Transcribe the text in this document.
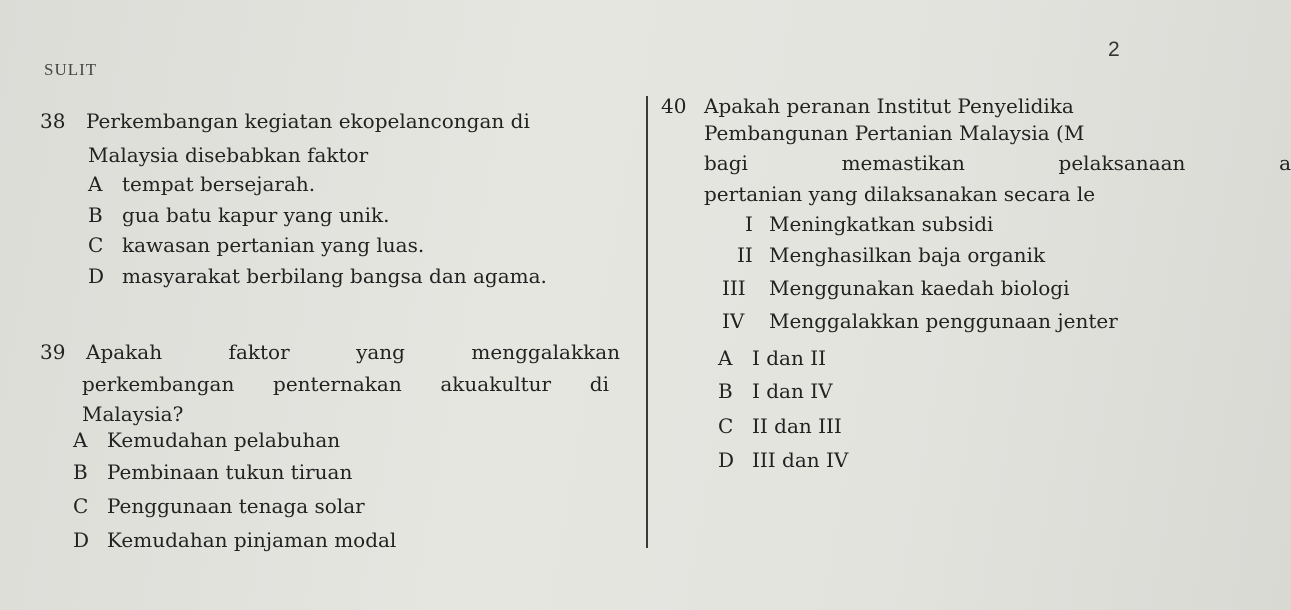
SULIT
2
38 Perkembangan kegiatan ekopelancongan di
Malaysia disebabkan faktor
A tempat bersejarah.
B gua batu kapur yang unik.
C kawasan pertanian yang luas.
D masyarakat berbilang bangsa dan agama.
39 Apakah faktor yang menggalakkan
perkembangan penternakan akuakultur di
Malaysia?
A Kemudahan pelabuhan
B Pembinaan tukun tiruan
C Penggunaan tenaga solar
D Kemudahan pinjaman modal
40 Apakah peranan Institut Penyelidika
Pembangunan Pertanian Malaysia (M
bagi memastikan pelaksanaan a
pertanian yang dilaksanakan secara le
I Meningkatkan subsidi
II Menghasilkan baja organik
III Menggunakan kaedah biologi
IV Menggalakkan penggunaan jenter
A I dan II
B I dan IV
C II dan III
D III dan IV
